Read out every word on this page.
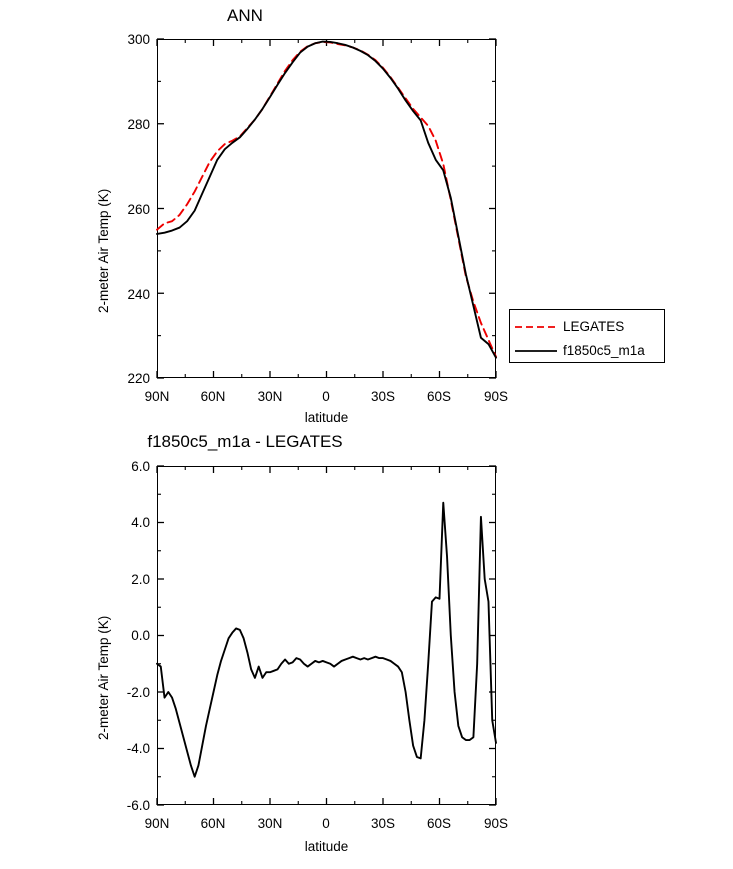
ANN
2-meter Air Temp (K)
300
280
260
240
220
90N	60N	30N	0	30S	60S	90S
latitude
LEGATES
f1850c5_m1a
f1850c5_m1a - LEGATES
2-meter Air Temp (K)
6.0
4.0
2.0
0.0
-2.0
-4.0
-6.0
90N	60N	30N	0	30S	60S	90S
latitude
